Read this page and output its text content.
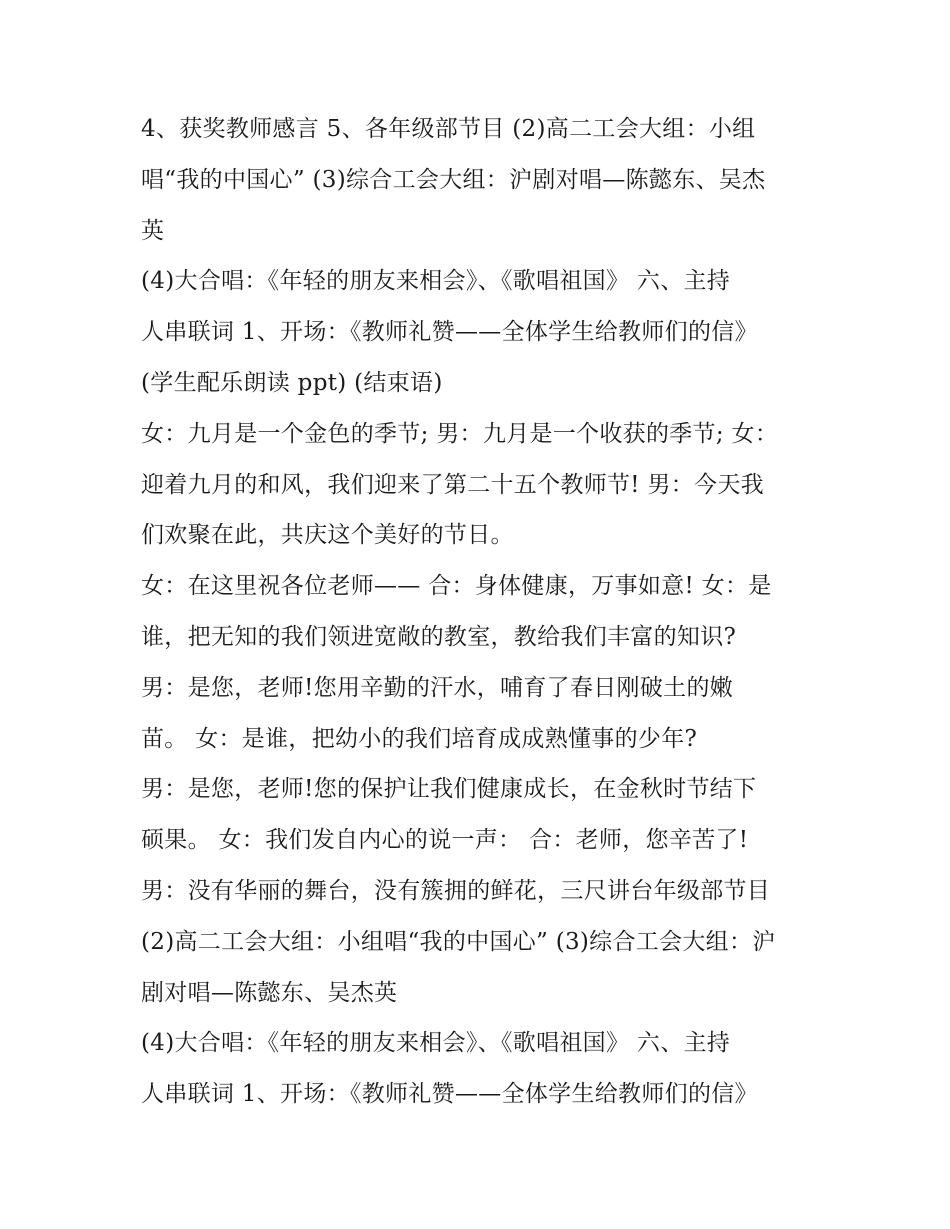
4、获奖教师感言 5、各年级部节目 (2)高二工会大组：小组
唱“我的中国心” (3)综合工会大组：沪剧对唱—陈懿东、吴杰
英
(4)大合唱：《年轻的朋友来相会》、《歌唱祖国》 六、主持
人串联词 1、开场：《教师礼赞——全体学生给教师们的信》
(学生配乐朗读 ppt) (结束语)
女：九月是一个金色的季节; 男：九月是一个收获的季节; 女：
迎着九月的和风，我们迎来了第二十五个教师节! 男：今天我
们欢聚在此，共庆这个美好的节日。
女：在这里祝各位老师—— 合：身体健康，万事如意! 女：是
谁，把无知的我们领进宽敞的教室，教给我们丰富的知识?
男：是您，老师!您用辛勤的汗水，哺育了春日刚破土的嫩
苗。 女：是谁，把幼小的我们培育成成熟懂事的少年?
男：是您，老师!您的保护让我们健康成长，在金秋时节结下
硕果。 女：我们发自内心的说一声： 合：老师，您辛苦了!
男：没有华丽的舞台，没有簇拥的鲜花，三尺讲台年级部节目
(2)高二工会大组：小组唱“我的中国心” (3)综合工会大组：沪
剧对唱—陈懿东、吴杰英
(4)大合唱：《年轻的朋友来相会》、《歌唱祖国》 六、主持
人串联词 1、开场：《教师礼赞——全体学生给教师们的信》
